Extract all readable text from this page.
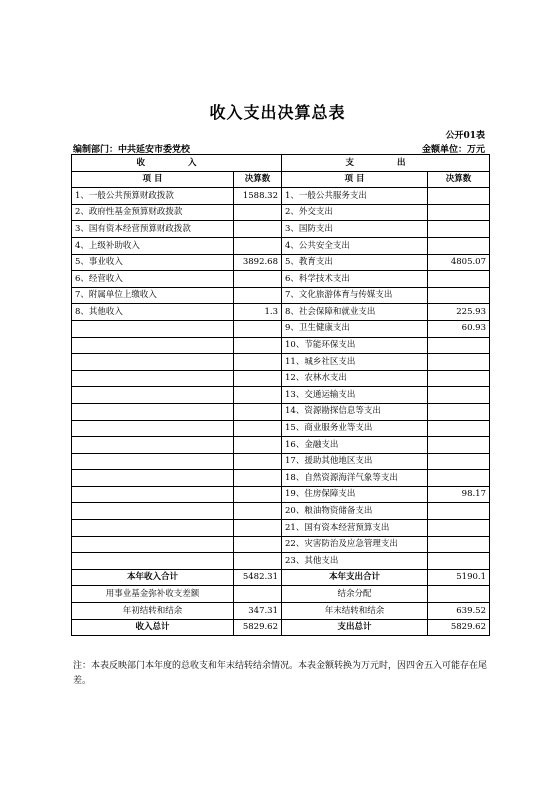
收入支出决算总表
公开01表
编制部门：中共延安市委党校	金额单位：万元
收 入		支 出	
项 目	决算数	项 目	决算数
1、一般公共预算财政拨款	1588.32	1、一般公共服务支出	
2、政府性基金预算财政拨款		2、外交支出	
3、国有资本经营预算财政拨款		3、国防支出	
4、上级补助收入		4、公共安全支出	
5、事业收入	3892.68	5、教育支出	4805.07
6、经营收入		6、科学技术支出	
7、附属单位上缴收入		7、文化旅游体育与传媒支出	
8、其他收入	1.3	8、社会保障和就业支出	225.93
		9、卫生健康支出	60.93
		10、节能环保支出	
		11、城乡社区支出	
		12、农林水支出	
		13、交通运输支出	
		14、资源勘探信息等支出	
		15、商业服务业等支出	
		16、金融支出	
		17、援助其他地区支出	
		18、自然资源海洋气象等支出	
		19、住房保障支出	98.17
		20、粮油物资储备支出	
		21、国有资本经营预算支出	
		22、灾害防治及应急管理支出	
		23、其他支出	
本年收入合计	5482.31	本年支出合计	5190.1
用事业基金弥补收支差额		结余分配	
年初结转和结余	347.31	年末结转和结余	639.52
收入总计	5829.62	支出总计	5829.62
注：本表反映部门本年度的总收支和年末结转结余情况。本表金额转换为万元时，因四舍五入可能存在尾差。
